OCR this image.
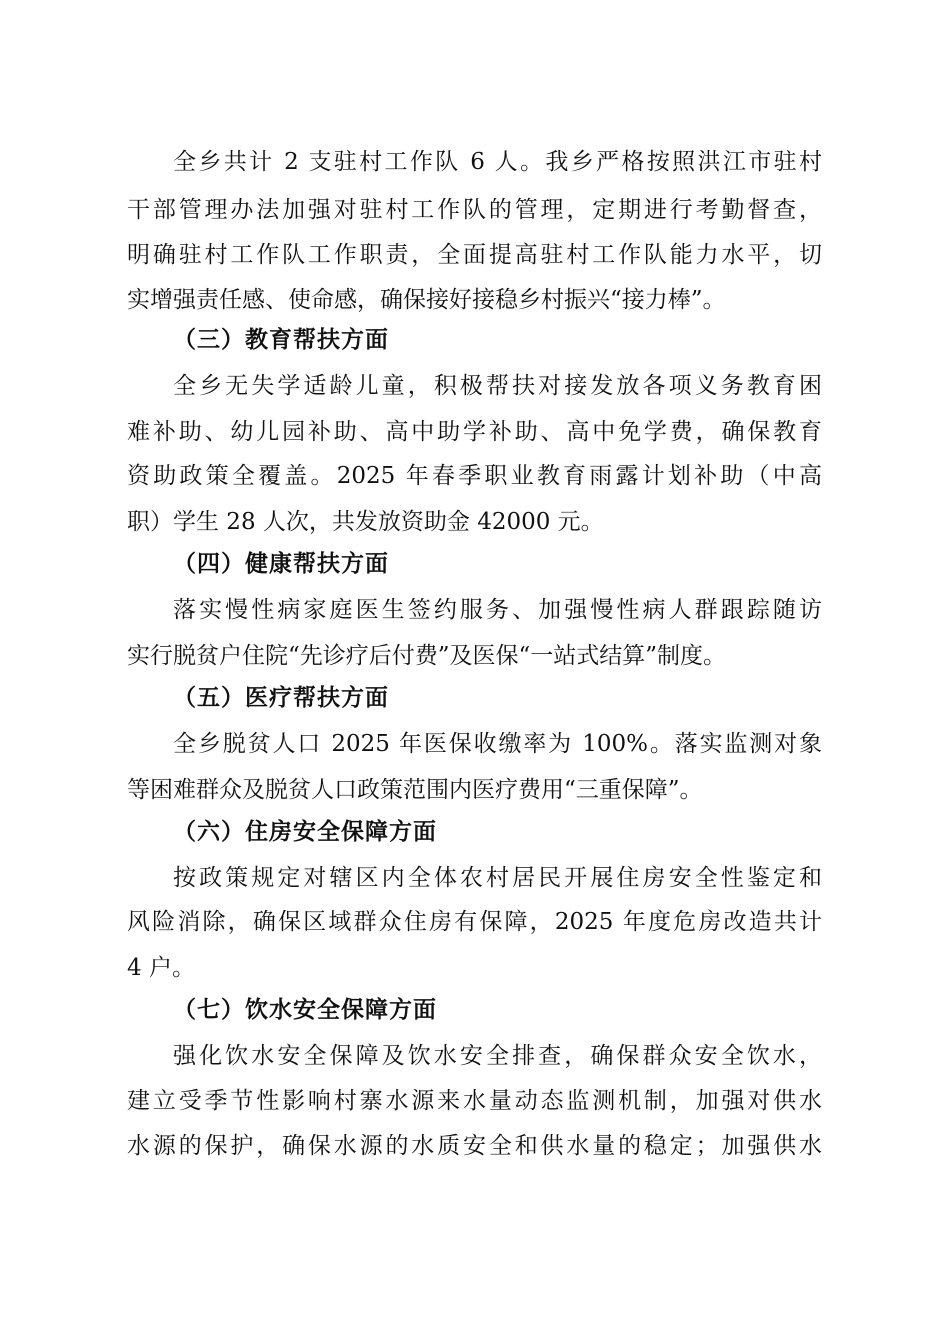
全乡共计 2 支驻村工作队 6 人。我乡严格按照洪江市驻村

干部管理办法加强对驻村工作队的管理，定期进行考勤督查，

明确驻村工作队工作职责，全面提高驻村工作队能力水平，切

实增强责任感、使命感，确保接好接稳乡村振兴“接力棒”。

（三）教育帮扶方面

全乡无失学适龄儿童，积极帮扶对接发放各项义务教育困

难补助、幼儿园补助、高中助学补助、高中免学费，确保教育

资助政策全覆盖。2025 年春季职业教育雨露计划补助（中高

职）学生 28 人次，共发放资助金 42000 元。

（四）健康帮扶方面

落实慢性病家庭医生签约服务、加强慢性病人群跟踪随访

实行脱贫户住院“先诊疗后付费”及医保“一站式结算”制度。

（五）医疗帮扶方面

全乡脱贫人口 2025 年医保收缴率为 100%。落实监测对象

等困难群众及脱贫人口政策范围内医疗费用“三重保障”。

（六）住房安全保障方面

按政策规定对辖区内全体农村居民开展住房安全性鉴定和

风险消除，确保区域群众住房有保障，2025 年度危房改造共计

4 户。

（七）饮水安全保障方面

强化饮水安全保障及饮水安全排查，确保群众安全饮水，

建立受季节性影响村寨水源来水量动态监测机制，加强对供水

水源的保护，确保水源的水质安全和供水量的稳定；加强供水
